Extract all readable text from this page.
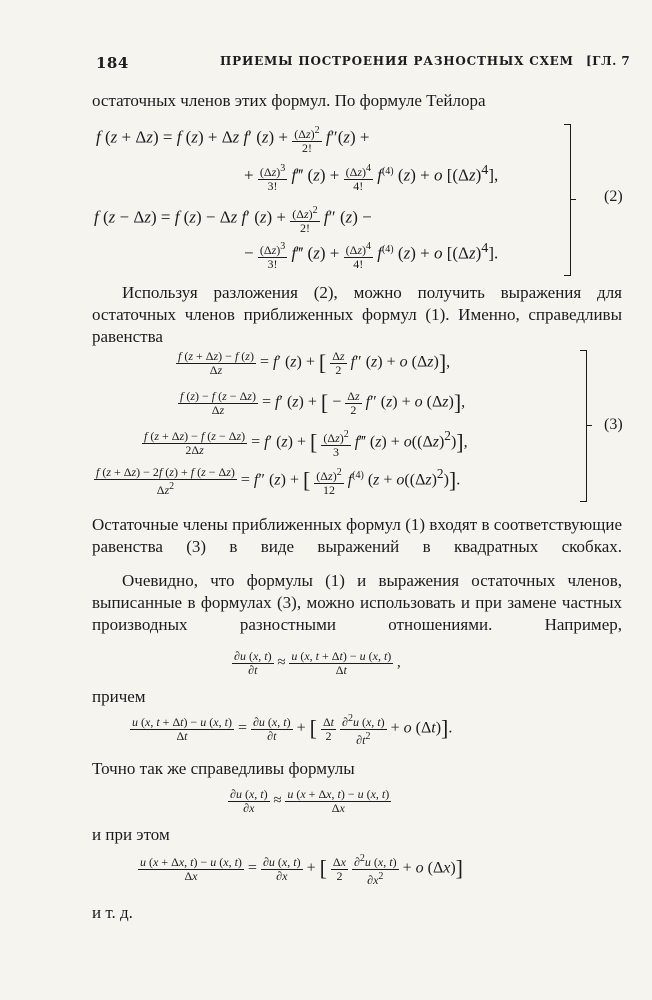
184	ПРИЕМЫ ПОСТРОЕНИЯ РАЗНОСТНЫХ СХЕМ [ГЛ. 7
остаточных членов этих формул. По формуле Тейлора
f (z + Δz) = f (z) + Δz f′ $(z) + \frac{(\Delta z)^2}{2!} f''(z)$ +
+ $\frac{(\Delta z)^3}{3!}$ f‴ $(z) + \frac{(\Delta z)^4}{4!} f^{(4)}$ (z) + o $[(\Delta z)^4]$,
f (z − Δz) = f (z) − Δz f′ $(z) + \frac{(\Delta z)^2}{2!} f''$ (z) −
− $\frac{(\Delta z)^3}{3!}$ f‴ $(z) + \frac{(\Delta z)^4}{4!} f^{(4)}$ (z) + o $[(\Delta z)^4]$.
(2)
Используя разложения (2), можно получить выражения для остаточных членов приближенных формул (1). Именно, справедливы равенства
$\frac{f (z + \Delta z) - f (z)}{\Delta z} = f'$ (z) + [ $\frac{\Delta z}{2} f''$ (z) + o (Δz)],
$\frac{f (z) - f (z - \Delta z)}{\Delta z} = f'$ (z) + [ − $\frac{\Delta z}{2} f''$ (z) + o (Δz)],
$\frac{f (z + \Delta z) - f (z - \Delta z)}{2\Delta z} = f'$ (z) + [ $\frac{(\Delta z)^2}{3}$ f‴ $(z) + o((\Delta z)^2)$],
$\frac{f (z + \Delta z) - 2f (z) + f (z - \Delta z)}{\Delta z^2} = f''$ (z) + [ $\frac{(\Delta z)^2}{12} f^{(4)}$ $(z + o((\Delta z)^2)]$.
(3)
Остаточные члены приближенных формул (1) входят в соответствующие равенства (3) в виде выражений в квадратных скобках.
Очевидно, что формулы (1) и выражения остаточных членов, выписанные в формулах (3), можно использовать и при замене частных производных разностными отношениями. Например,
$\frac{\partial u (x, t)}{\partial t} \approx \frac{u (x, t + \Delta t) - u (x, t)}{\Delta t}$ ,
причем
$\frac{u (x, t + \Delta t) - u (x, t)}{\Delta t} = \frac{\partial u (x, t)}{\partial t}$ + [ $\frac{\Delta t}{2}$
$\frac{\partial^2u (x, t)}{\partial t^2} + o$ (Δt)].
Точно так же справедливы формулы
$\frac{\partial u (x, t)}{\partial x} \approx \frac{u (x + \Delta x, t) - u (x, t)}{\Delta x}$
и при этом
$\frac{u (x + \Delta x, t) - u (x, t)}{\Delta x} = \frac{\partial u (x, t)}{\partial x}$ + [ $\frac{\Delta x}{2}$
$\frac{\partial^2u (x, t)}{\partial x^2} + o$ (Δx)]
и т. д.
